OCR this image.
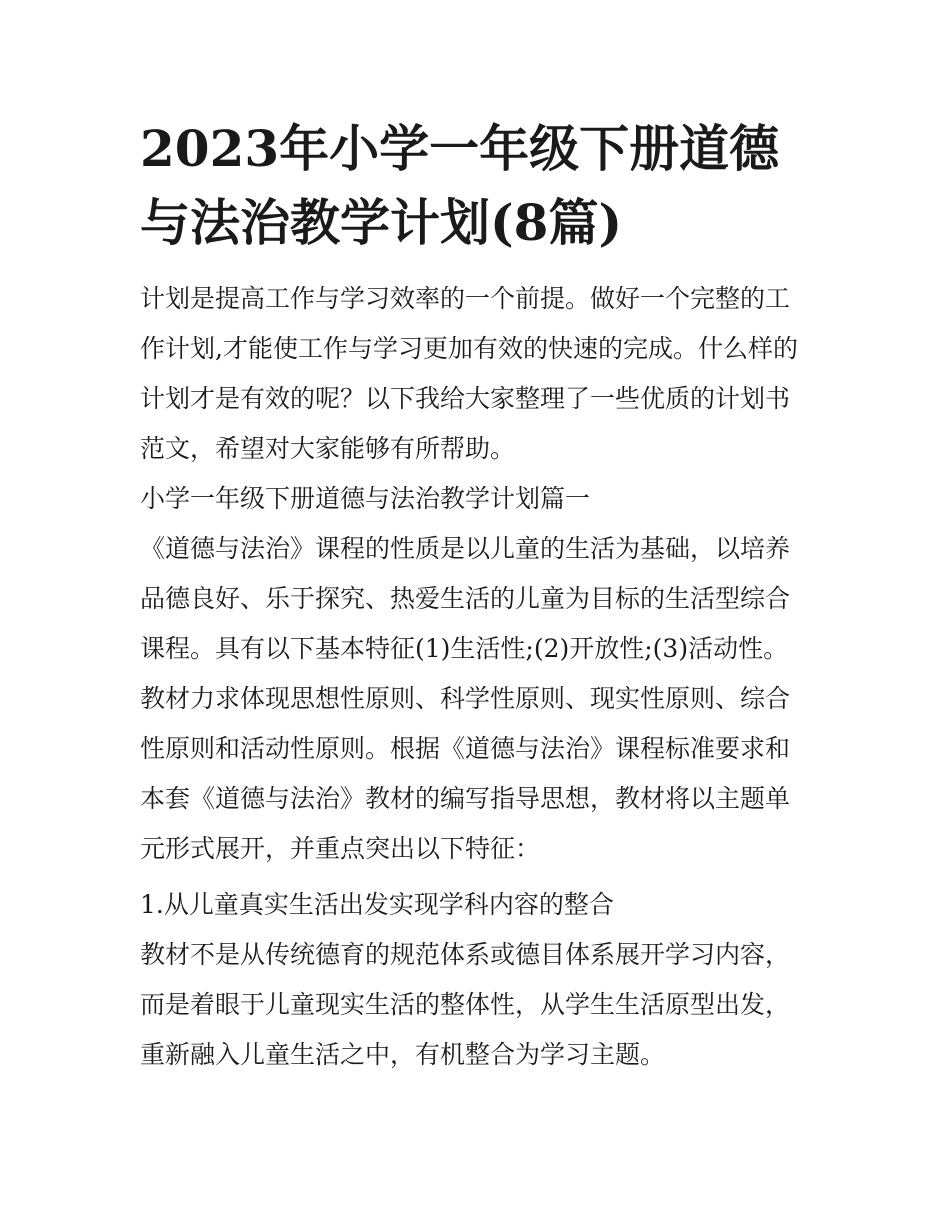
2023年小学一年级下册道德与法治教学计划(8篇)

计划是提高工作与学习效率的一个前提。做好一个完整的工作计划,才能使工作与学习更加有效的快速的完成。什么样的计划才是有效的呢？以下我给大家整理了一些优质的计划书范文，希望对大家能够有所帮助。

小学一年级下册道德与法治教学计划篇一

《道德与法治》课程的性质是以儿童的生活为基础，以培养品德良好、乐于探究、热爱生活的儿童为目标的生活型综合课程。具有以下基本特征(1)生活性;(2)开放性;(3)活动性。教材力求体现思想性原则、科学性原则、现实性原则、综合性原则和活动性原则。根据《道德与法治》课程标准要求和本套《道德与法治》教材的编写指导思想，教材将以主题单元形式展开，并重点突出以下特征：

1.从儿童真实生活出发实现学科内容的整合

教材不是从传统德育的规范体系或德目体系展开学习内容，而是着眼于儿童现实生活的整体性，从学生生活原型出发，重新融入儿童生活之中，有机整合为学习主题。
